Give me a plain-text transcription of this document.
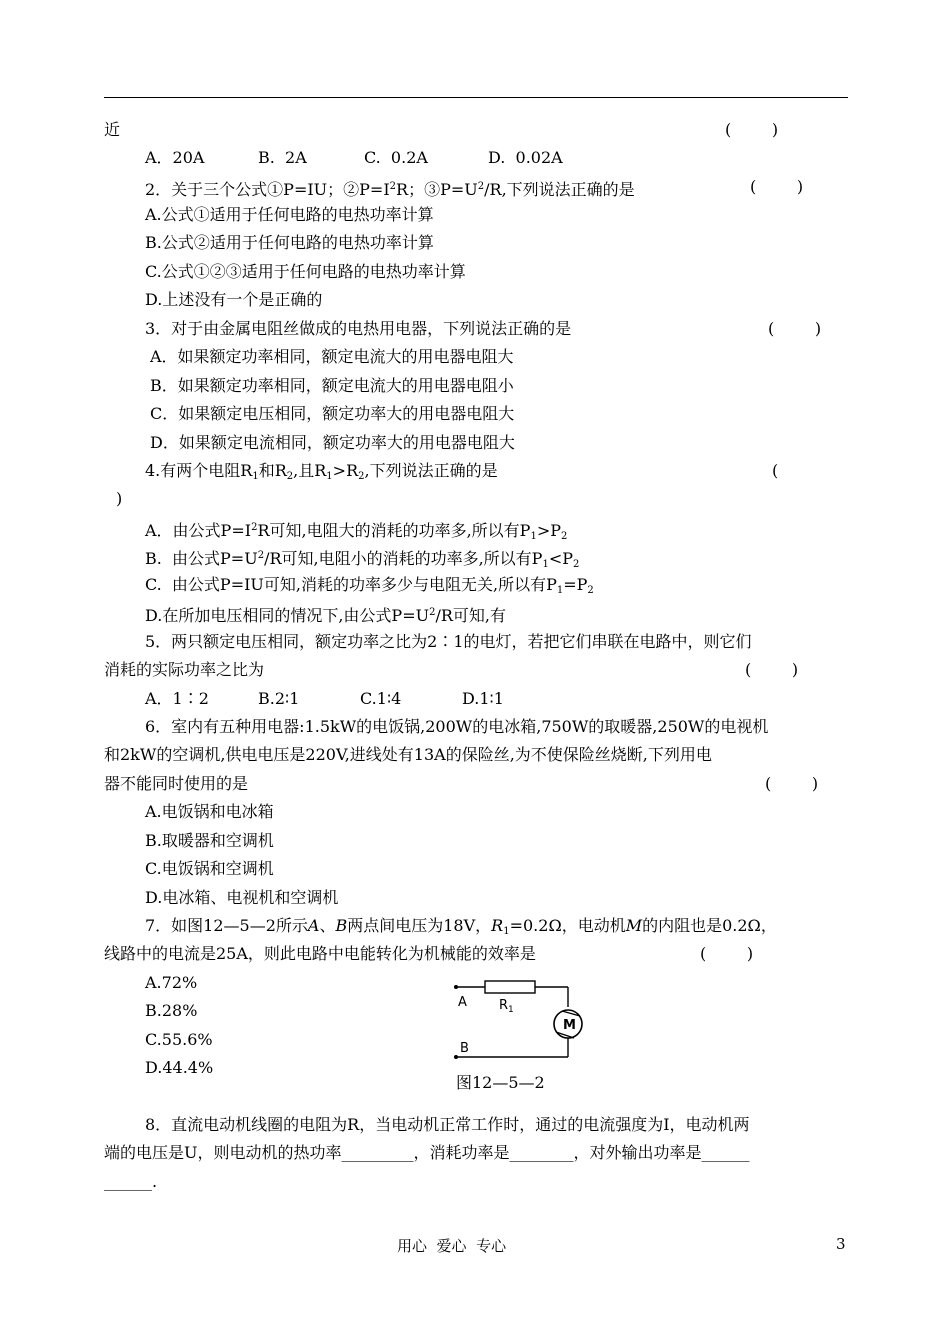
近	(        )
A．20A	B.  2A	C.  0.2A	D.  0.02A
2．关于三个公式①P=IU；$②P=I^2R$；$③P=U^2/R$,下列说法正确的是	(        )
A.公式①适用于任何电路的电热功率计算
B.公式②适用于任何电路的电热功率计算
C.公式①②③适用于任何电路的电热功率计算
D.上述没有一个是正确的
3．对于由金属电阻丝做成的电热用电器，下列说法正确的是	(        )
A．如果额定功率相同，额定电流大的用电器电阻大
B．如果额定功率相同，额定电流大的用电器电阻小
C．如果额定电压相同，额定功率大的用电器电阻大
D．如果额定电流相同，额定功率大的用电器电阻大
4.有两个电阻$R_1$和$R_2$,且$R_1>R_2$,下列说法正确的是	(
)
A．由公式$P=I^2R$可知,电阻大的消耗的功率多,所以有$P_1>P_2$
B.  由公式$P=U^2/R$可知,电阻小的消耗的功率多,所以有$P_1<P_2$
C.  由公式P=IU可知,消耗的功率多少与电阻无关,所以有$P_1=P_2$
D.在所加电压相同的情况下,由公式$P=U^2/R$可知,有
5．两只额定电压相同，额定功率之比为2∶1的电灯，若把它们串联在电路中，则它们
消耗的实际功率之比为	(        )
A．1∶2	B.2∶1	C.1∶4	D.1∶1
6．室内有五种用电器:1.5kW的电饭锅,200W的电冰箱,750W的取暖器,250W的电视机
和2kW的空调机,供电电压是220V,进线处有13A的保险丝,为不使保险丝烧断,下列用电
器不能同时使用的是	(        )
A.电饭锅和电冰箱
B.取暖器和空调机
C.电饭锅和空调机
D.电冰箱、电视机和空调机
7．如图12—5—2所示A、B两点间电压为18V，$R_1=0.2\Omega$，电动机M的内阻也是0.2Ω，
线路中的电流是25A，则此电路中电能转化为机械能的效率是	(        )
A.72%
B.28%
C.55.6%
D.44.4%
A
B
$R_1$
M
图12—5—2
8．直流电动机线圈的电阻为R，当电动机正常工作时，通过的电流强度为I，电动机两
端的电压是U，则电动机的热功率_________，消耗功率是________，对外输出功率是______
______.
用心  爱心  专心	3
